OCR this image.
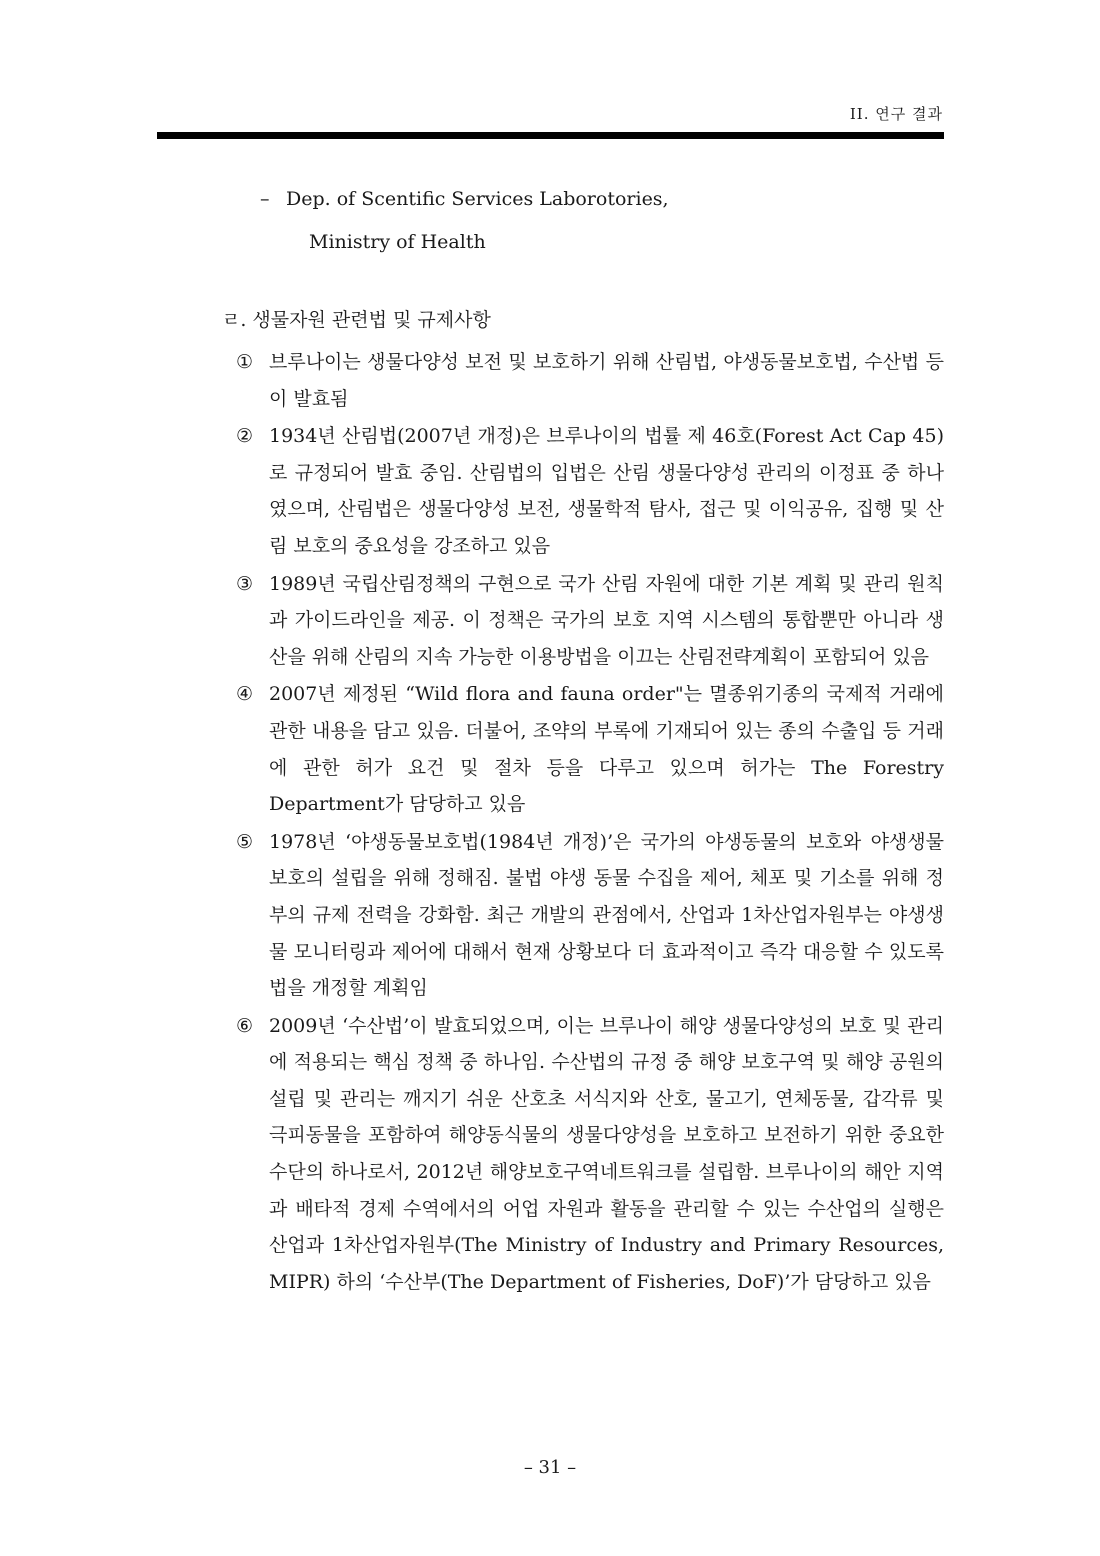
II. 연구 결과
– Dep. of Scentific Services Laborotories,
Ministry of Health
ㄹ. 생물자원 관련법 및 규제사항
① 브루나이는 생물다양성 보전 및 보호하기 위해 산림법, 야생동물보호법, 수산법 등이 발효됨
② 1934년 산림법(2007년 개정)은 브루나이의 법률 제 46호(Forest Act Cap 45)로 규정되어 발효 중임. 산림법의 입법은 산림 생물다양성 관리의 이정표 중 하나였으며, 산림법은 생물다양성 보전, 생물학적 탐사, 접근 및 이익공유, 집행 및 산림 보호의 중요성을 강조하고 있음
③ 1989년 국립산림정책의 구현으로 국가 산림 자원에 대한 기본 계획 및 관리 원칙과 가이드라인을 제공. 이 정책은 국가의 보호 지역 시스템의 통합뿐만 아니라 생산을 위해 산림의 지속 가능한 이용방법을 이끄는 산림전략계획이 포함되어 있음
④ 2007년 제정된 “Wild flora and fauna order"는 멸종위기종의 국제적 거래에 관한 내용을 담고 있음. 더불어, 조약의 부록에 기재되어 있는 종의 수출입 등 거래에 관한 허가 요건 및 절차 등을 다루고 있으며 허가는 The Forestry Department가 담당하고 있음
⑤ 1978년 ‘야생동물보호법(1984년 개정)’은 국가의 야생동물의 보호와 야생생물 보호의 설립을 위해 정해짐. 불법 야생 동물 수집을 제어, 체포 및 기소를 위해 정부의 규제 전력을 강화함. 최근 개발의 관점에서, 산업과 1차산업자원부는 야생생물 모니터링과 제어에 대해서 현재 상황보다 더 효과적이고 즉각 대응할 수 있도록 법을 개정할 계획임
⑥ 2009년 ‘수산법’이 발효되었으며, 이는 브루나이 해양 생물다양성의 보호 및 관리에 적용되는 핵심 정책 중 하나임. 수산법의 규정 중 해양 보호구역 및 해양 공원의 설립 및 관리는 깨지기 쉬운 산호초 서식지와 산호, 물고기, 연체동물, 갑각류 및 극피동물을 포함하여 해양동식물의 생물다양성을 보호하고 보전하기 위한 중요한 수단의 하나로서, 2012년 해양보호구역네트워크를 설립함. 브루나이의 해안 지역과 배타적 경제 수역에서의 어업 자원과 활동을 관리할 수 있는 수산업의 실행은 산업과 1차산업자원부(The Ministry of Industry and Primary Resources, MIPR) 하의 ‘수산부(The Department of Fisheries, DoF)’가 담당하고 있음
– 31 –
